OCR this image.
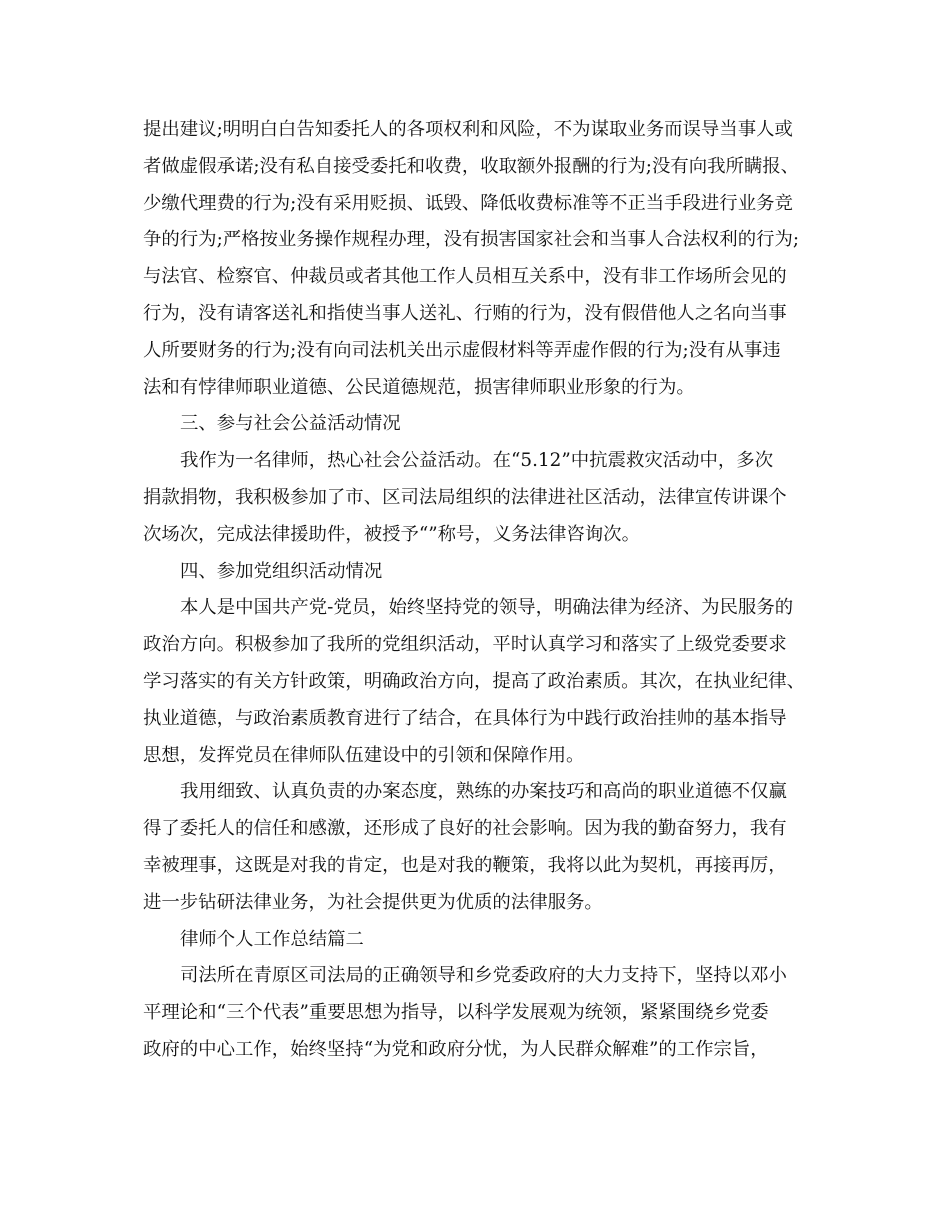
提出建议;明明白白告知委托人的各项权利和风险，不为谋取业务而误导当事人或
者做虚假承诺;没有私自接受委托和收费，收取额外报酬的行为;没有向我所瞒报、
少缴代理费的行为;没有采用贬损、诋毁、降低收费标准等不正当手段进行业务竞
争的行为;严格按业务操作规程办理，没有损害国家社会和当事人合法权利的行为;
与法官、检察官、仲裁员或者其他工作人员相互关系中，没有非工作场所会见的
行为，没有请客送礼和指使当事人送礼、行贿的行为，没有假借他人之名向当事
人所要财务的行为;没有向司法机关出示虚假材料等弄虚作假的行为;没有从事违
法和有悖律师职业道德、公民道德规范，损害律师职业形象的行为。
三、参与社会公益活动情况
我作为一名律师，热心社会公益活动。在“5.12”中抗震救灾活动中，多次
捐款捐物，我积极参加了市、区司法局组织的法律进社区活动，法律宣传讲课个
次场次，完成法律援助件，被授予“”称号，义务法律咨询次。
四、参加党组织活动情况
本人是中国共产党-党员，始终坚持党的领导，明确法律为经济、为民服务的
政治方向。积极参加了我所的党组织活动，平时认真学习和落实了上级党委要求
学习落实的有关方针政策，明确政治方向，提高了政治素质。其次，在执业纪律、
执业道德，与政治素质教育进行了结合，在具体行为中践行政治挂帅的基本指导
思想，发挥党员在律师队伍建设中的引领和保障作用。
我用细致、认真负责的办案态度，熟练的办案技巧和高尚的职业道德不仅赢
得了委托人的信任和感激，还形成了良好的社会影响。因为我的勤奋努力，我有
幸被理事，这既是对我的肯定，也是对我的鞭策，我将以此为契机，再接再厉，
进一步钻研法律业务，为社会提供更为优质的法律服务。
律师个人工作总结篇二
司法所在青原区司法局的正确领导和乡党委政府的大力支持下，坚持以邓小
平理论和“三个代表”重要思想为指导，以科学发展观为统领，紧紧围绕乡党委
政府的中心工作，始终坚持“为党和政府分忧，为人民群众解难”的工作宗旨，
